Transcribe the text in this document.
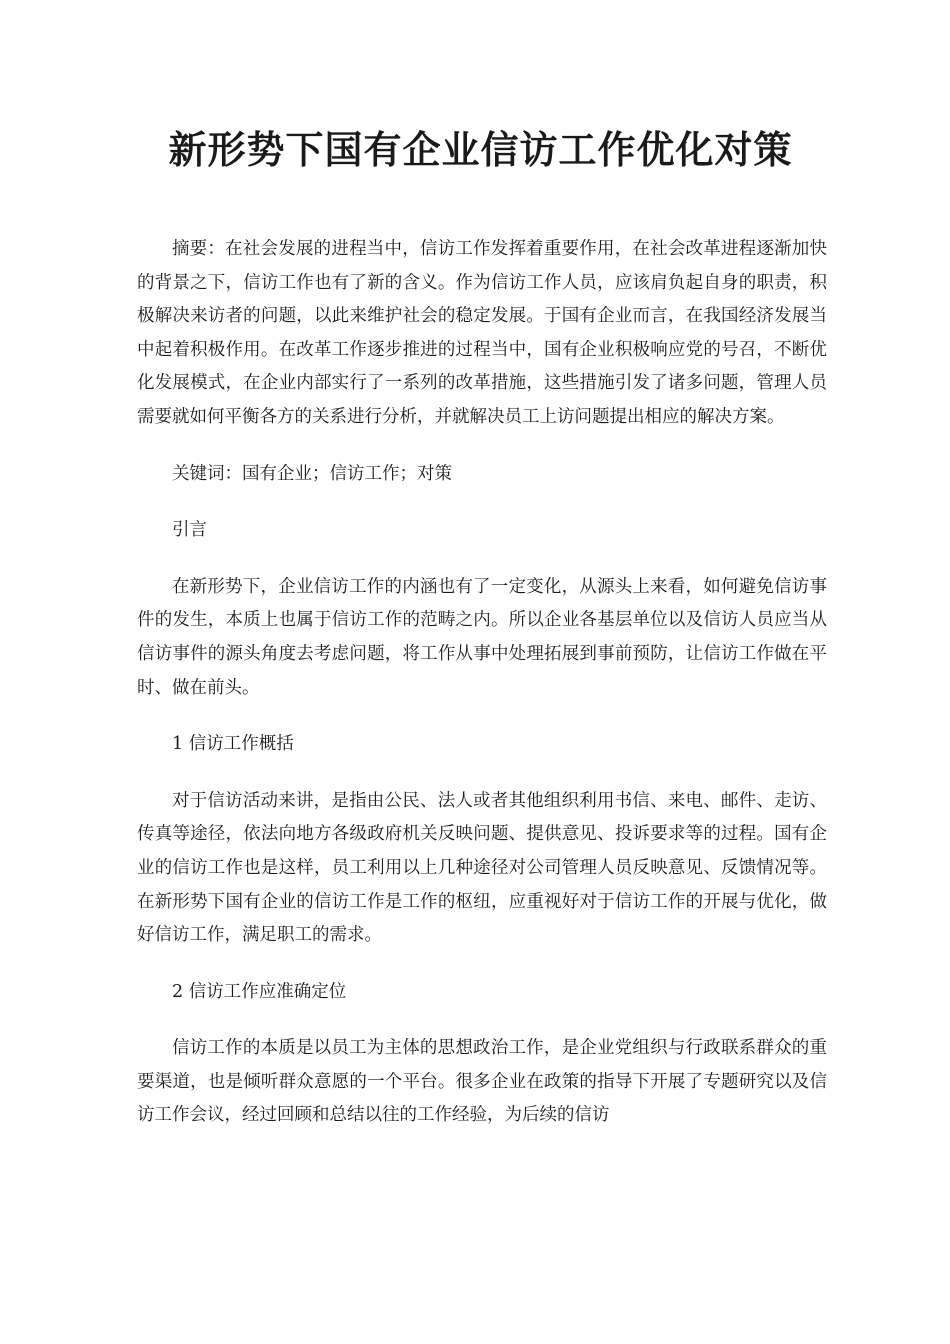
新形势下国有企业信访工作优化对策

摘要：在社会发展的进程当中，信访工作发挥着重要作用，在社会改革进程逐渐加快的背景之下，信访工作也有了新的含义。作为信访工作人员，应该肩负起自身的职责，积极解决来访者的问题，以此来维护社会的稳定发展。于国有企业而言，在我国经济发展当中起着积极作用。在改革工作逐步推进的过程当中，国有企业积极响应党的号召，不断优化发展模式，在企业内部实行了一系列的改革措施，这些措施引发了诸多问题，管理人员需要就如何平衡各方的关系进行分析，并就解决员工上访问题提出相应的解决方案。

关键词：国有企业；信访工作；对策

引言

在新形势下，企业信访工作的内涵也有了一定变化，从源头上来看，如何避免信访事件的发生，本质上也属于信访工作的范畴之内。所以企业各基层单位以及信访人员应当从信访事件的源头角度去考虑问题，将工作从事中处理拓展到事前预防，让信访工作做在平时、做在前头。

1 信访工作概括

对于信访活动来讲，是指由公民、法人或者其他组织利用书信、来电、邮件、走访、传真等途径，依法向地方各级政府机关反映问题、提供意见、投诉要求等的过程。国有企业的信访工作也是这样，员工利用以上几种途径对公司管理人员反映意见、反馈情况等。在新形势下国有企业的信访工作是工作的枢纽，应重视好对于信访工作的开展与优化，做好信访工作，满足职工的需求。

2 信访工作应准确定位

信访工作的本质是以员工为主体的思想政治工作，是企业党组织与行政联系群众的重要渠道，也是倾听群众意愿的一个平台。很多企业在政策的指导下开展了专题研究以及信访工作会议，经过回顾和总结以往的工作经验，为后续的信访
